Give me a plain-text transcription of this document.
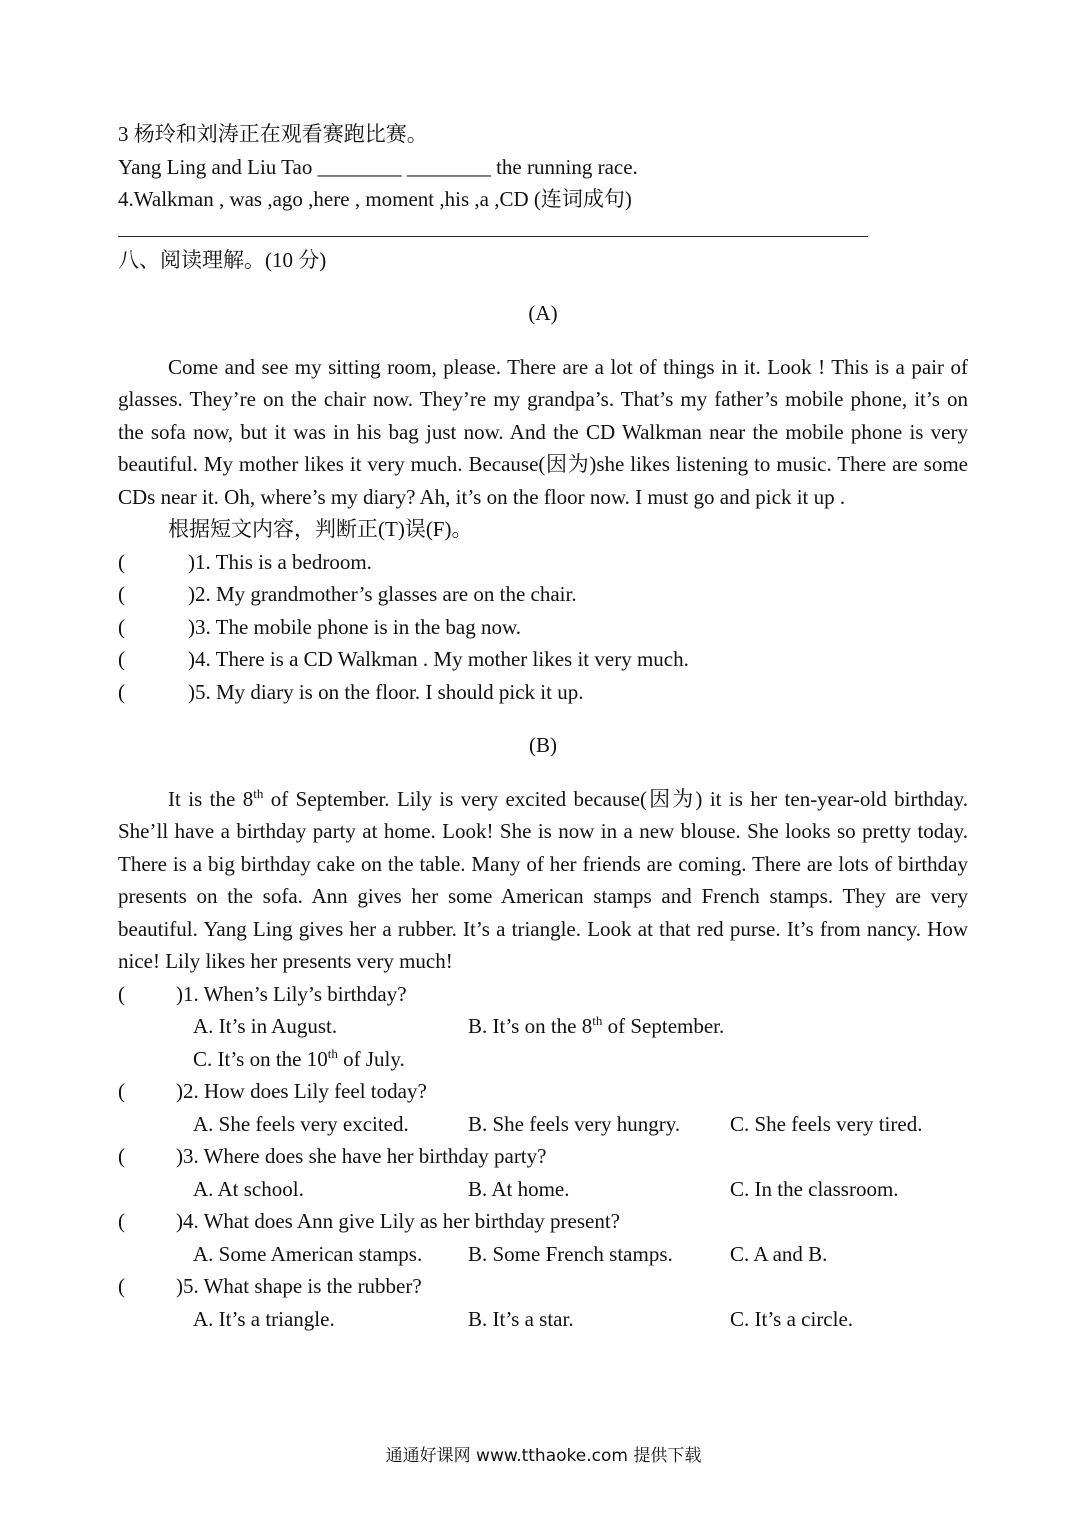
3 杨玲和刘涛正在观看赛跑比赛。

Yang Ling and Liu Tao ________ ________ the running race.

4.Walkman , was ,ago ,here , moment ,his ,a ,CD (连词成句)

八、阅读理解。(10 分)

(A)

Come and see my sitting room, please. There are a lot of things in it. Look ! This is a pair of glasses. They’re on the chair now. They’re my grandpa’s. That’s my father’s mobile phone, it’s on the sofa now, but it was in his bag just now. And the CD Walkman near the mobile phone is very beautiful. My mother likes it very much. Because(因为)she likes listening to music. There are some CDs near it. Oh, where’s my diary? Ah, it’s on the floor now. I must go and pick it up .

根据短文内容，判断正(T)误(F)。

(	)1. This is a bedroom.
(	)2. My grandmother’s glasses are on the chair.
(	)3. The mobile phone is in the bag now.
(	)4. There is a CD Walkman . My mother likes it very much.
(	)5. My diary is on the floor. I should pick it up.

(B)

It is the 8th of September. Lily is very excited because(因为) it is her ten-year-old birthday. She’ll have a birthday party at home. Look! She is now in a new blouse. She looks so pretty today. There is a big birthday cake on the table. Many of her friends are coming. There are lots of birthday presents on the sofa. Ann gives her some American stamps and French stamps. They are very beautiful. Yang Ling gives her a rubber. It’s a triangle. Look at that red purse. It’s from nancy. How nice! Lily likes her presents very much!

(	)1. When’s Lily’s birthday?
A. It’s in August.	B. It’s on the 8th of September.
C. It’s on the 10th of July.
(	)2. How does Lily feel today?
A. She feels very excited.	B. She feels very hungry.	C. She feels very tired.
(	)3. Where does she have her birthday party?
A. At school.	B. At home.	C. In the classroom.
(	)4. What does Ann give Lily as her birthday present?
A. Some American stamps.	B. Some French stamps.	C. A and B.
(	)5. What shape is the rubber?
A. It’s a triangle.	B. It’s a star.	C. It’s a circle.
通通好课网 www.tthaoke.com 提供下载
